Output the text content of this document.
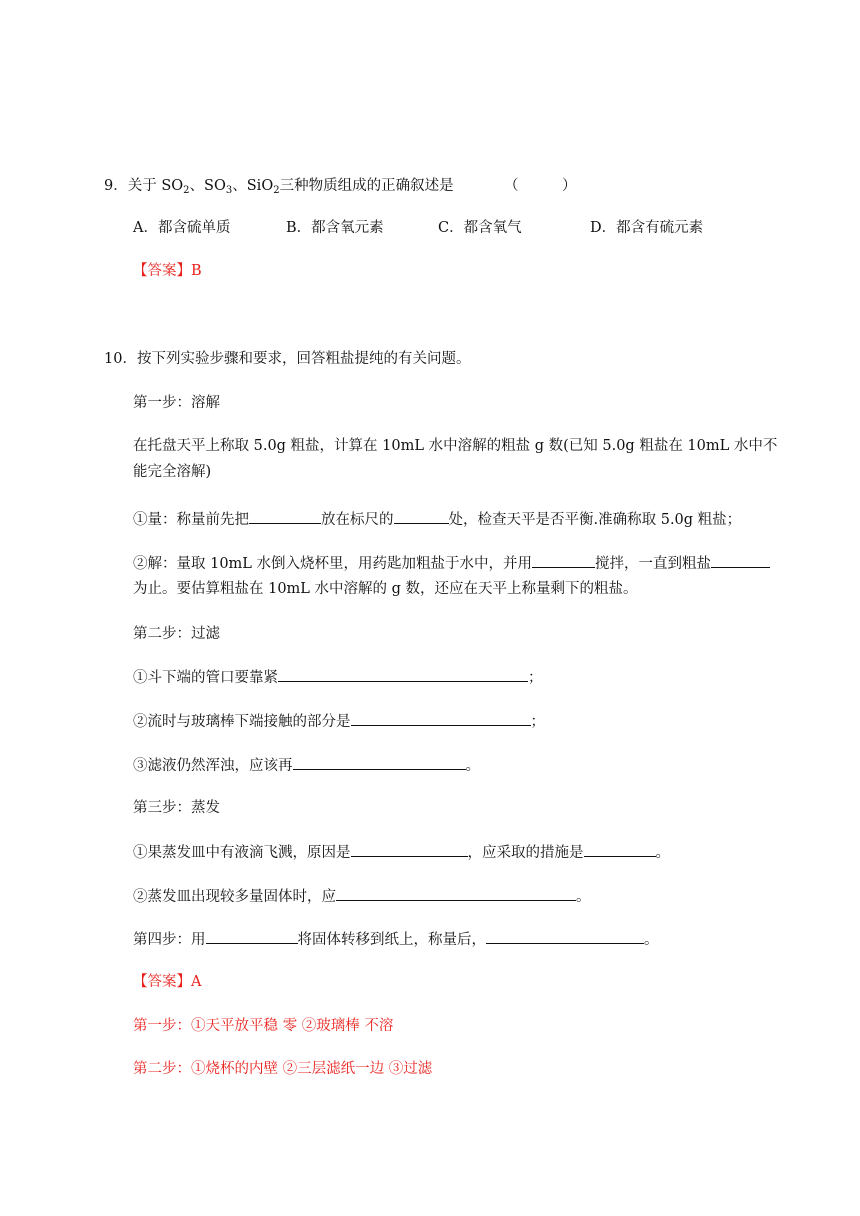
9．关于 $SO_2$、$SO_3$、SiO$_2$三种物质组成的正确叙述是	（　　　）
A．都含硫单质	B．都含氧元素	C．都含氧气	D．都含有硫元素
【答案】B
10．按下列实验步骤和要求，回答粗盐提纯的有关问题。
第一步：溶解
在托盘天平上称取 5.0g 粗盐，计算在 10mL 水中溶解的粗盐 g 数(已知 5.0g 粗盐在 10mL 水中不
能完全溶解)
①量：称量前先把	放在标尺的	处，检查天平是否平衡.准确称取 5.0g 粗盐；
②解：量取 10mL 水倒入烧杯里，用药匙加粗盐于水中，并用	搅拌，一直到粗盐
为止。要估算粗盐在 10mL 水中溶解的 g 数，还应在天平上称量剩下的粗盐。
第二步：过滤
①斗下端的管口要靠紧	；
②流时与玻璃棒下端接触的部分是	；
③滤液仍然浑浊，应该再	。
第三步：蒸发
①果蒸发皿中有液滴飞溅，原因是	，应采取的措施是	。
②蒸发皿出现较多量固体时，应	。
第四步：用	将固体转移到纸上，称量后，	。
【答案】A
第一步：①天平放平稳 零 ②玻璃棒 不溶
第二步：①烧杯的内壁 ②三层滤纸一边 ③过滤
